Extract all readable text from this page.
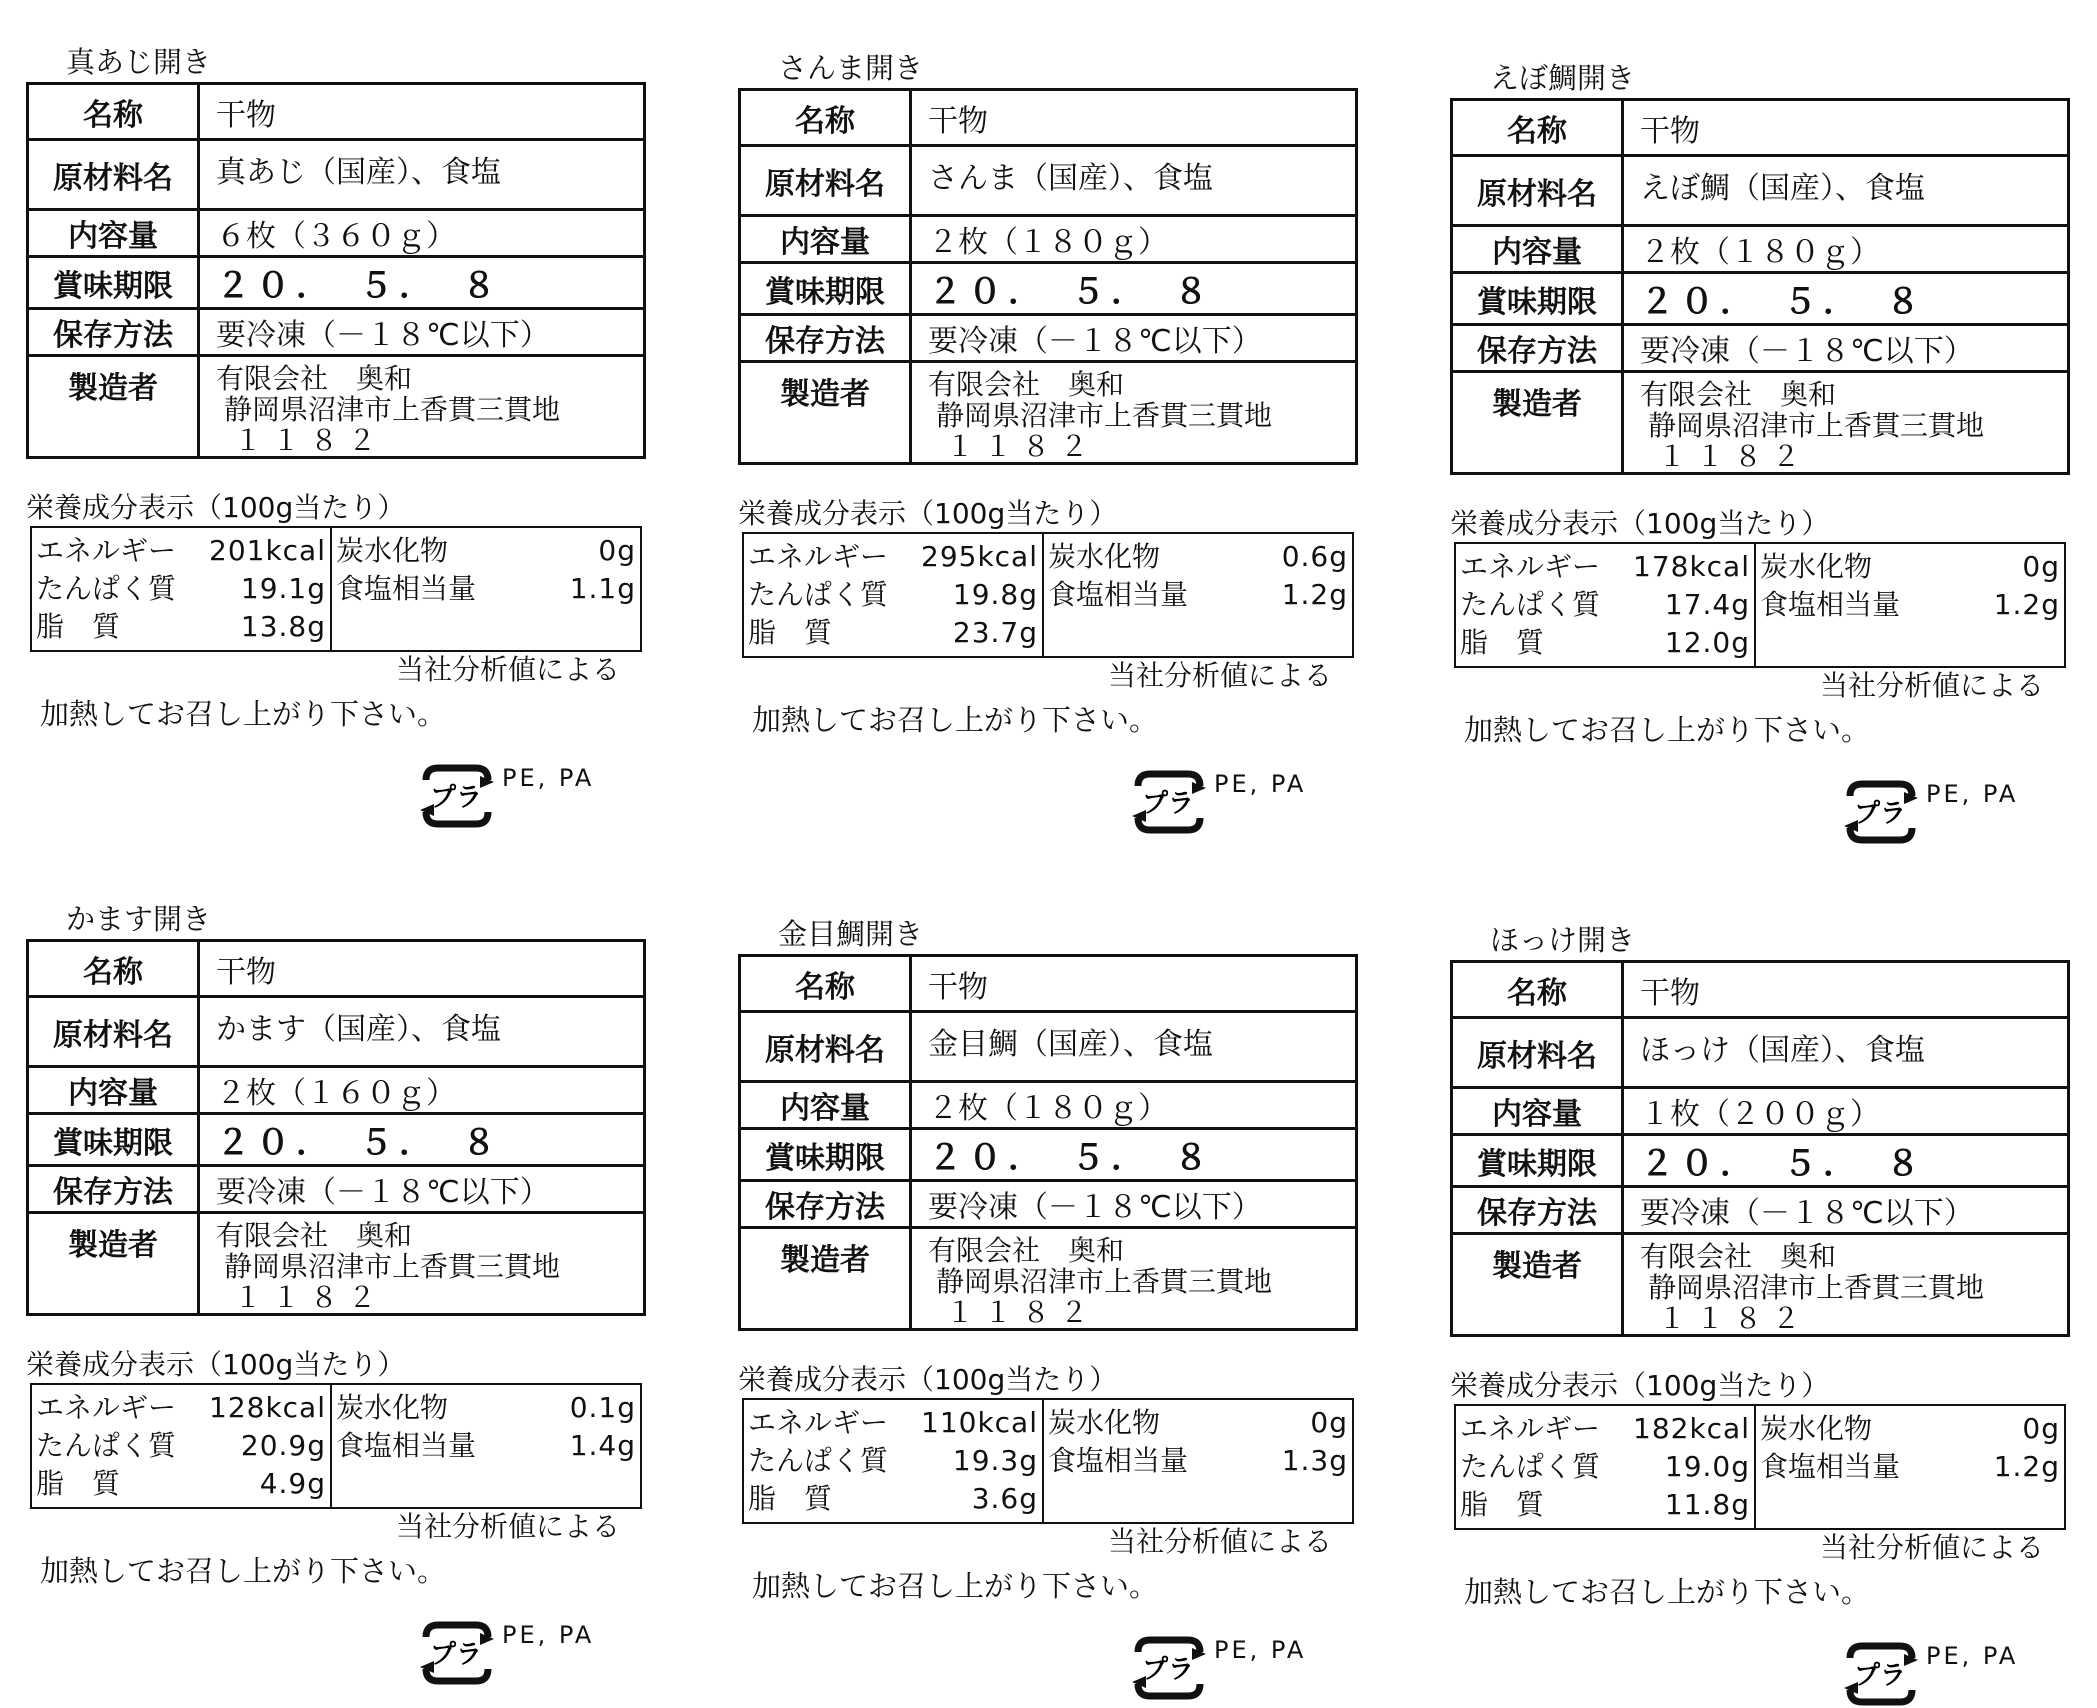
真あじ開き
名称	干物
原材料名	真あじ（国産）、食塩
内容量	６枚（３６０ｇ）
賞味期限	２０．　５．　８
保存方法	要冷凍（－１８℃以下）
製造者	有限会社　奥和
静岡県沼津市上香貫三貫地
１１８２
栄養成分表示（100g当たり）
エネルギー 201kcal
たんぱく質 19.1g
脂　質	13.8g

炭水化物	0g
食塩相当量	1.1g
当社分析値による
加熱してお召し上がり下さい。
プラ
PE, PA
さんま開き
名称	干物
原材料名	さんま（国産）、食塩
内容量	２枚（１８０ｇ）
賞味期限	２０．　５．　８
保存方法	要冷凍（－１８℃以下）
製造者	有限会社　奥和
静岡県沼津市上香貫三貫地
１１８２
栄養成分表示（100g当たり）
エネルギー 295kcal
たんぱく質 19.8g
脂　質	23.7g

炭水化物	0.6g
食塩相当量	1.2g
当社分析値による
加熱してお召し上がり下さい。
プラ
PE, PA
えぼ鯛開き
名称	干物
原材料名	えぼ鯛（国産）、食塩
内容量	２枚（１８０ｇ）
賞味期限	２０．　５．　８
保存方法	要冷凍（－１８℃以下）
製造者	有限会社　奥和
静岡県沼津市上香貫三貫地
１１８２
栄養成分表示（100g当たり）
エネルギー 178kcal
たんぱく質 17.4g
脂　質	12.0g

炭水化物	0g
食塩相当量	1.2g
当社分析値による
加熱してお召し上がり下さい。
プラ
PE, PA
かます開き
名称	干物
原材料名	かます（国産）、食塩
内容量	２枚（１６０ｇ）
賞味期限	２０．　５．　８
保存方法	要冷凍（－１８℃以下）
製造者	有限会社　奥和
静岡県沼津市上香貫三貫地
１１８２
栄養成分表示（100g当たり）
エネルギー 128kcal
たんぱく質 20.9g
脂　質	4.9g

炭水化物	0.1g
食塩相当量	1.4g
当社分析値による
加熱してお召し上がり下さい。
プラ
PE, PA
金目鯛開き
名称	干物
原材料名	金目鯛（国産）、食塩
内容量	２枚（１８０ｇ）
賞味期限	２０．　５．　８
保存方法	要冷凍（－１８℃以下）
製造者	有限会社　奥和
静岡県沼津市上香貫三貫地
１１８２
栄養成分表示（100g当たり）
エネルギー 110kcal
たんぱく質 19.3g
脂　質	3.6g

炭水化物	0g
食塩相当量	1.3g
当社分析値による
加熱してお召し上がり下さい。
プラ
PE, PA
ほっけ開き
名称	干物
原材料名	ほっけ（国産）、食塩
内容量	１枚（２００ｇ）
賞味期限	２０．　５．　８
保存方法	要冷凍（－１８℃以下）
製造者	有限会社　奥和
静岡県沼津市上香貫三貫地
１１８２
栄養成分表示（100g当たり）
エネルギー 182kcal
たんぱく質 19.0g
脂　質	11.8g

炭水化物	0g
食塩相当量	1.2g
当社分析値による
加熱してお召し上がり下さい。
プラ
PE, PA
